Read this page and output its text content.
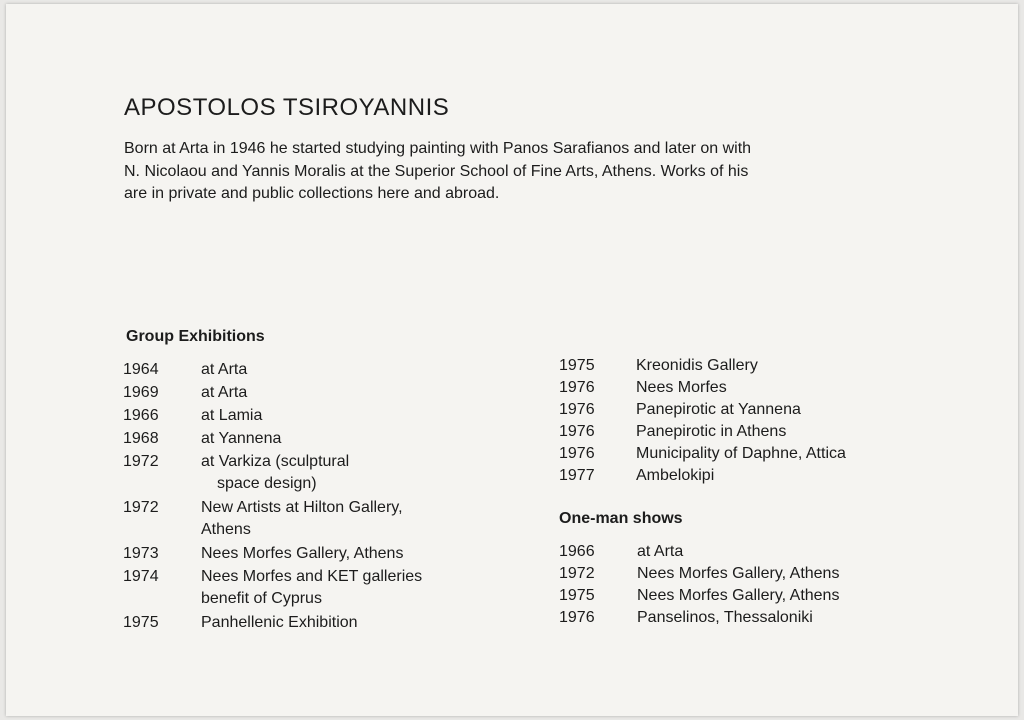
APOSTOLOS TSIROYANNIS

Born at Arta in 1946 he started studying painting with Panos Sarafianos and later on with
N. Nicolaou and Yannis Moralis at the Superior School of Fine Arts, Athens. Works of his
are in private and public collections here and abroad.

Group Exhibitions
1964	at Arta
1969	at Arta
1966	at Lamia
1968	at Yannena
1972	at Varkiza (sculptural
space design)
1972	New Artists at Hilton Gallery,
Athens
1973	Nees Morfes Gallery, Athens
1974	Nees Morfes and KET galleries
benefit of Cyprus
1975	Panhellenic Exhibition
1975	Kreonidis Gallery
1976	Nees Morfes
1976	Panepirotic at Yannena
1976	Panepirotic in Athens
1976	Municipality of Daphne, Attica
1977	Ambelokipi
One-man shows
1966	at Arta
1972	Nees Morfes Gallery, Athens
1975	Nees Morfes Gallery, Athens
1976	Panselinos, Thessaloniki
